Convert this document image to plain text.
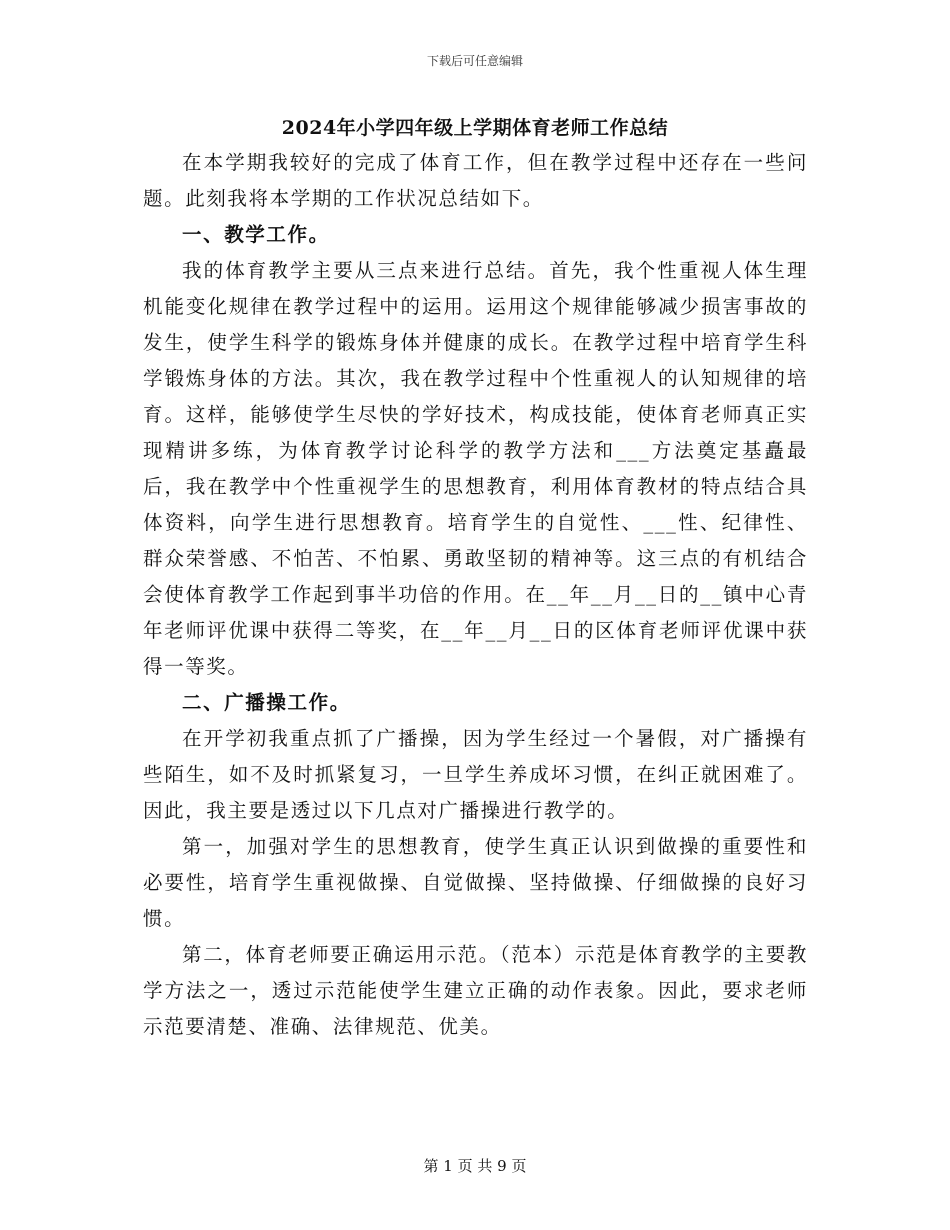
下载后可任意编辑
2024年小学四年级上学期体育老师工作总结

在本学期我较好的完成了体育工作，但在教学过程中还存在一些问题。此刻我将本学期的工作状况总结如下。

一、教学工作。

我的体育教学主要从三点来进行总结。首先，我个性重视人体生理机能变化规律在教学过程中的运用。运用这个规律能够减少损害事故的发生，使学生科学的锻炼身体并健康的成长。在教学过程中培育学生科学锻炼身体的方法。其次，我在教学过程中个性重视人的认知规律的培育。这样，能够使学生尽快的学好技术，构成技能，使体育老师真正实现精讲多练，为体育教学讨论科学的教学方法和___方法奠定基矗最后，我在教学中个性重视学生的思想教育，利用体育教材的特点结合具体资料，向学生进行思想教育。培育学生的自觉性、___性、纪律性、群众荣誉感、不怕苦、不怕累、勇敢坚韧的精神等。这三点的有机结合会使体育教学工作起到事半功倍的作用。在__年__月__日的__镇中心青年老师评优课中获得二等奖，在__年__月__日的区体育老师评优课中获得一等奖。

二、广播操工作。

在开学初我重点抓了广播操，因为学生经过一个暑假，对广播操有些陌生，如不及时抓紧复习，一旦学生养成坏习惯，在纠正就困难了。因此，我主要是透过以下几点对广播操进行教学的。

第一，加强对学生的思想教育，使学生真正认识到做操的重要性和必要性，培育学生重视做操、自觉做操、坚持做操、仔细做操的良好习惯。

第二，体育老师要正确运用示范。（范本）示范是体育教学的主要教学方法之一，透过示范能使学生建立正确的动作表象。因此，要求老师示范要清楚、准确、法律规范、优美。

第 1 页 共 9 页
